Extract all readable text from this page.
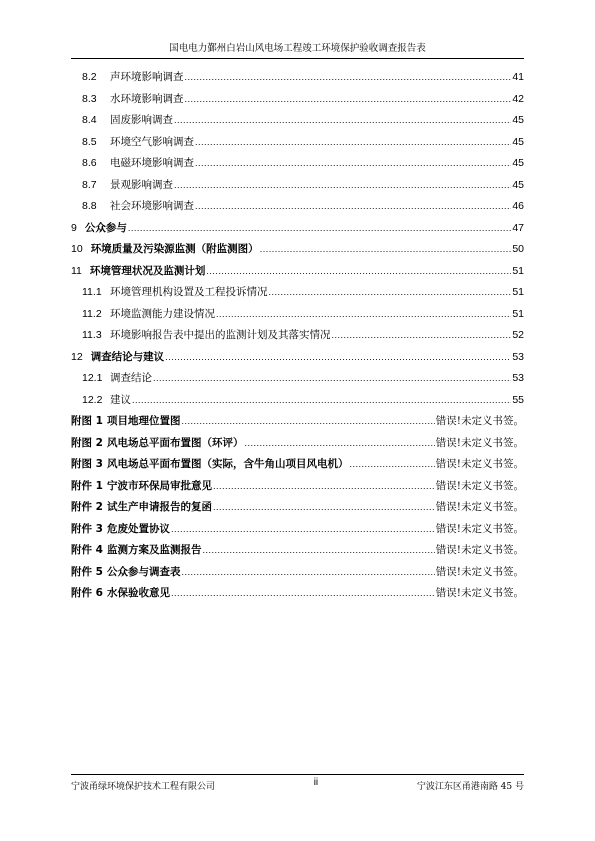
国电电力鄞州白岩山风电场工程竣工环境保护验收调查报告表
8.2	声环境影响调查 .....	41
8.3	水环境影响调查 .....	42
8.4	固废影响调查 .....	45
8.5	环境空气影响调查 .....	45
8.6	电磁环境影响调查 .....	45
8.7	景观影响调查 .....	45
8.8	社会环境影响调查 .....	46
9 公众参与 .....	47
10 环境质量及污染源监测（附监测图） .....	50
11 环境管理状况及监测计划 .....	51
11.1 环境管理机构设置及工程投诉情况 .....	51
11.2 环境监测能力建设情况 .....	51
11.3 环境影响报告表中提出的监测计划及其落实情况 .....	52
12 调查结论与建议 .....	53
12.1 调查结论 .....	53
12.2 建议 .....	55
附图 1 项目地理位置图 .....	错误!未定义书签。
附图 2 风电场总平面布置图（环评） .....	错误!未定义书签。
附图 3 风电场总平面布置图（实际，含牛角山项目风电机） .....	错误!未定义书签。
附件 1 宁波市环保局审批意见 .....	错误!未定义书签。
附件 2 试生产申请报告的复函 .....	错误!未定义书签。
附件 3 危废处置协议 .....	错误!未定义书签。
附件 4 监测方案及监测报告 .....	错误!未定义书签。
附件 5 公众参与调查表 .....	错误!未定义书签。
附件 6 水保验收意见 .....	错误!未定义书签。
宁波甬绿环境保护技术工程有限公司	ii	宁波江东区甬港南路 45 号
